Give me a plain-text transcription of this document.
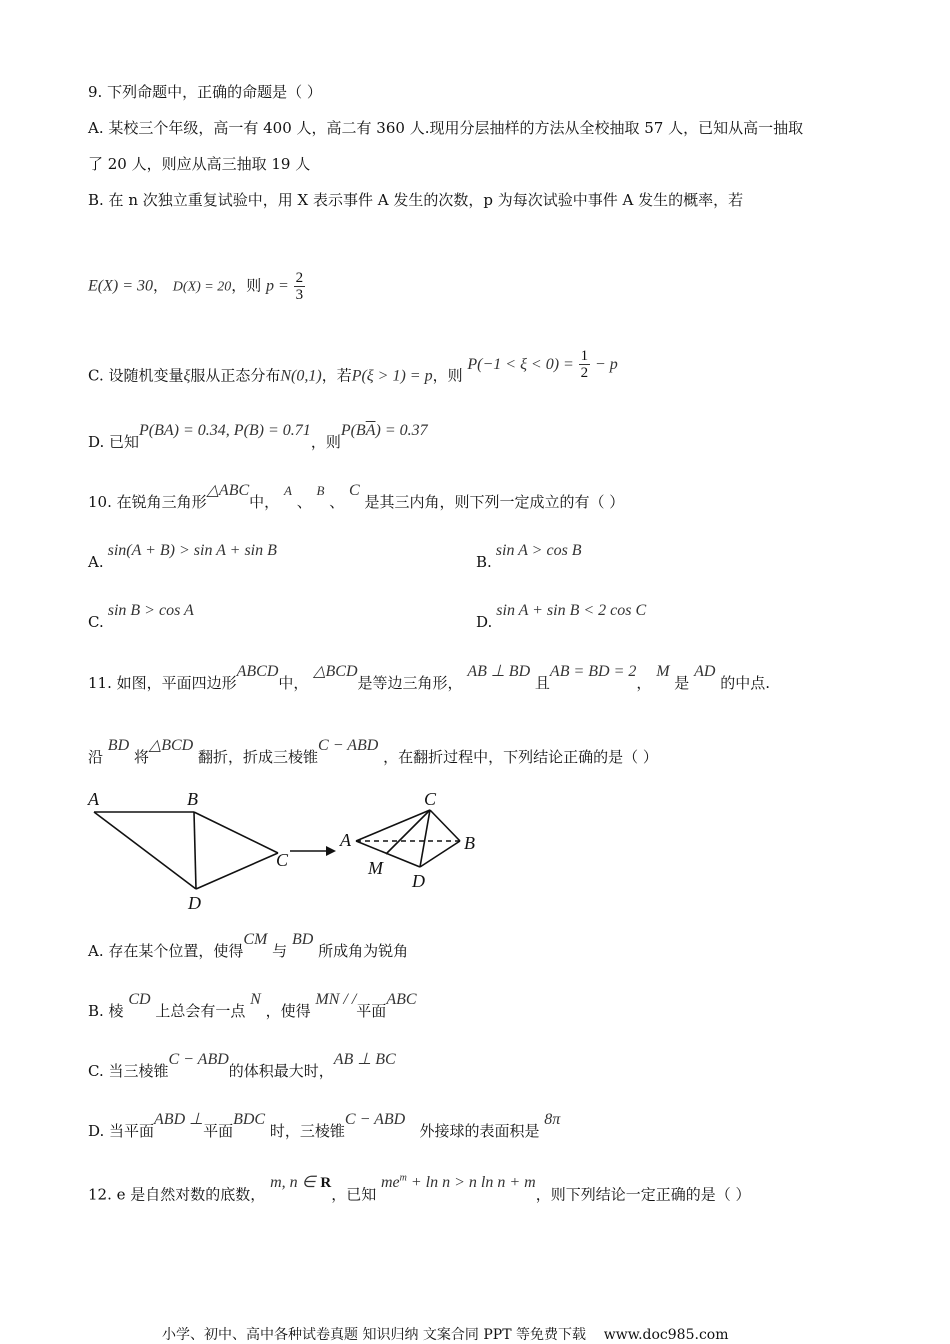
9. 下列命题中，正确的命题是（ ）
A. 某校三个年级，高一有 400 人，高二有 360 人.现用分层抽样的方法从全校抽取 57 人，已知从高一抽取
了 20 人，则应从高三抽取 19 人
B. 在 n 次独立重复试验中，用 X 表示事件 A 发生的次数，p 为每次试验中事件 A 发生的概率，若
E(X) = 30， D(X) = 20，则 $p = \frac{2}{3}$
C. 设随机变量ξ服从正态分布N(0,1)，若P(ξ > 1) = p，则 $P(-1 < \xi < 0) = \frac{1}{2} - p$
D. 已知P(BA) = 0.34, P(B) = 0.71，则$P(B\overline{A}) = 0.37$
10. 在锐角三角形△ABC中， A 、 B 、 C 是其三内角，则下列一定成立的有（ ）
A.sin(A + B) > sin A + sin B
B.sin A > cos B
C.sin B > cos A
D.sin A + sin B < 2 cos C
11. 如图，平面四边形ABCD中， △BCD是等边三角形， AB ⊥ BD 且AB = BD = 2， M 是 AD 的中点.
沿 BD 将△BCD 翻折，折成三棱锥C − ABD ，在翻折过程中，下列结论正确的是（ ）
A	B
C
D
C
A	B
M
D
A. 存在某个位置，使得CM 与 BD 所成角为锐角
B. 棱 CD 上总会有一点 N ，使得 MN / /平面ABC
C. 当三棱锥C − ABD的体积最大时，AB ⊥ BC
D. 当平面ABD ⊥平面BDC 时，三棱锥C − ABD   外接球的表面积是 8π
12. e 是自然对数的底数， m, n ∈ R，已知 $me^m + \ln n > n$ ln n + m，则下列结论一定正确的是（ ）
小学、初中、高中各种试卷真题 知识归纳 文案合同 PPT 等免费下载 www.doc985.com
